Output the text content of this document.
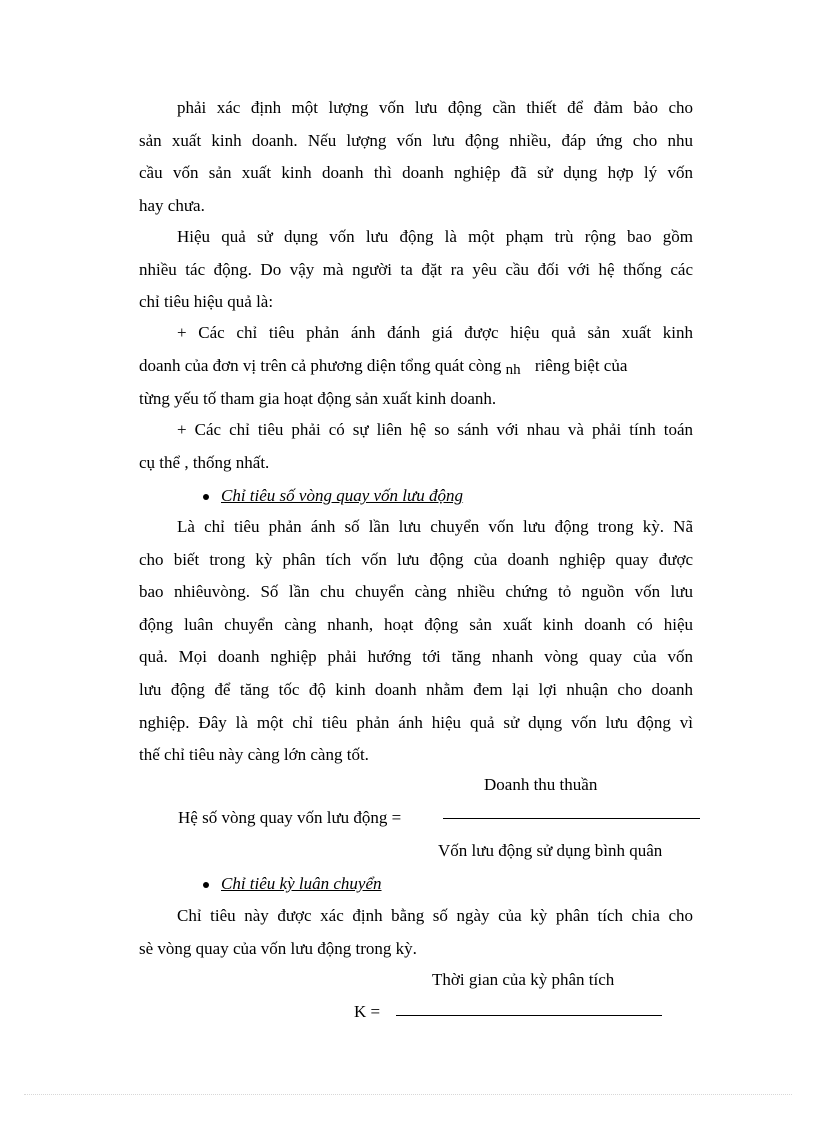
phải xác định một lượng vốn lưu động cần thiết để đảm bảo cho
sản xuất kinh doanh. Nếu lượng vốn lưu động nhiều, đáp ứng cho nhu
cầu vốn sản xuất kinh doanh thì doanh nghiệp đã sử dụng hợp lý vốn
hay chưa.
Hiệu quả sử dụng vốn lưu động là một phạm trù rộng bao gồm
nhiều tác động. Do vậy mà người ta đặt ra yêu cầu đối với hệ thống các
chỉ tiêu hiệu quả là:
+ Các chỉ tiêu phản ánh đánh giá được hiệu quả sản xuất kinh
doanh của đơn vị trên cả phương diện tổng quát còng nh riêng biệt của
từng yếu tố tham gia hoạt động sản xuất kinh doanh.
+ Các chỉ tiêu phải có sự liên hệ so sánh với nhau và phải tính toán
cụ thể , thống nhất.
Chỉ tiêu số vòng quay vốn lưu động
Là chỉ tiêu phản ánh số lần lưu chuyển vốn lưu động trong kỳ. Nã
cho biết trong kỳ phân tích vốn lưu động của doanh nghiệp quay được
bao nhiêuvòng. Số lần chu chuyển càng nhiều chứng tỏ nguồn vốn lưu
động luân chuyển càng nhanh, hoạt động sản xuất kinh doanh có hiệu
quả. Mọi doanh nghiệp phải hướng tới tăng nhanh vòng quay của vốn
lưu động để tăng tốc độ kinh doanh nhằm đem lại lợi nhuận cho doanh
nghiệp. Đây là một chỉ tiêu phản ánh hiệu quả sử dụng vốn lưu động vì
thế chỉ tiêu này càng lớn càng tốt.
Doanh thu thuần
Hệ số vòng quay vốn lưu động =
Vốn lưu động sử dụng bình quân
Chỉ tiêu kỳ luân chuyển
Chỉ tiêu này được xác định bằng số ngày của kỳ phân tích chia cho
sè vòng quay của vốn lưu động trong kỳ.
Thời gian của kỳ phân tích
K =
